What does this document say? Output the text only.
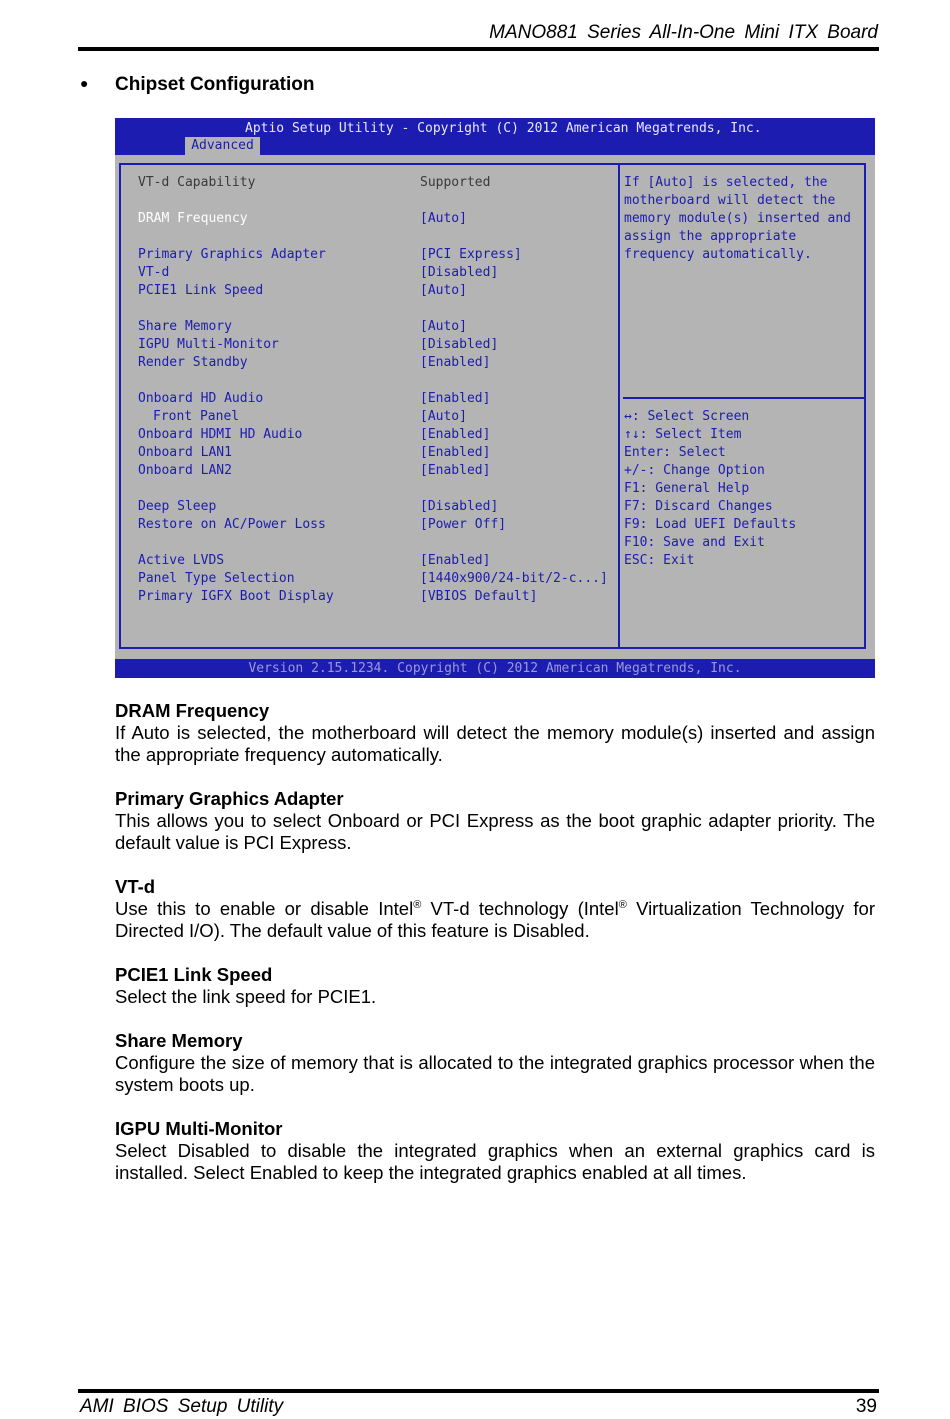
MANO881 Series All-In-One Mini ITX Board
● Chipset Configuration
Aptio Setup Utility - Copyright (C) 2012 American Megatrends, Inc.
Advanced
VT-d Capability	Supported
DRAM Frequency	[Auto]
Primary Graphics Adapter	[PCI Express]
VT-d	[Disabled]
PCIE1 Link Speed	[Auto]
Share Memory	[Auto]
IGPU Multi-Monitor	[Disabled]
Render Standby	[Enabled]
Onboard HD Audio	[Enabled]
Front Panel	[Auto]
Onboard HDMI HD Audio	[Enabled]
Onboard LAN1	[Enabled]
Onboard LAN2	[Enabled]
Deep Sleep	[Disabled]
Restore on AC/Power Loss	[Power Off]
Active LVDS	[Enabled]
Panel Type Selection	[1440x900/24-bit/2-c...]
Primary IGFX Boot Display	[VBIOS Default]
If [Auto] is selected, the
motherboard will detect the
memory module(s) inserted and
assign the appropriate
frequency automatically.
↔: Select Screen
↑↓: Select Item
Enter: Select
+/-: Change Option
F1: General Help
F7: Discard Changes
F9: Load UEFI Defaults
F10: Save and Exit
ESC: Exit
Version 2.15.1234. Copyright (C) 2012 American Megatrends, Inc.
DRAM Frequency

If Auto is selected, the motherboard will detect the memory module(s) inserted and assign the appropriate frequency automatically.

Primary Graphics Adapter

This allows you to select Onboard or PCI Express as the boot graphic adapter priority. The default value is PCI Express.

VT-d

Use this to enable or disable Intel® VT-d technology (Intel® Virtualization Technology for Directed I/O). The default value of this feature is Disabled.

PCIE1 Link Speed

Select the link speed for PCIE1.

Share Memory

Configure the size of memory that is allocated to the integrated graphics processor when the system boots up.

IGPU Multi-Monitor

Select Disabled to disable the integrated graphics when an external graphics card is installed. Select Enabled to keep the integrated graphics enabled at all times.

AMI BIOS Setup Utility	39
